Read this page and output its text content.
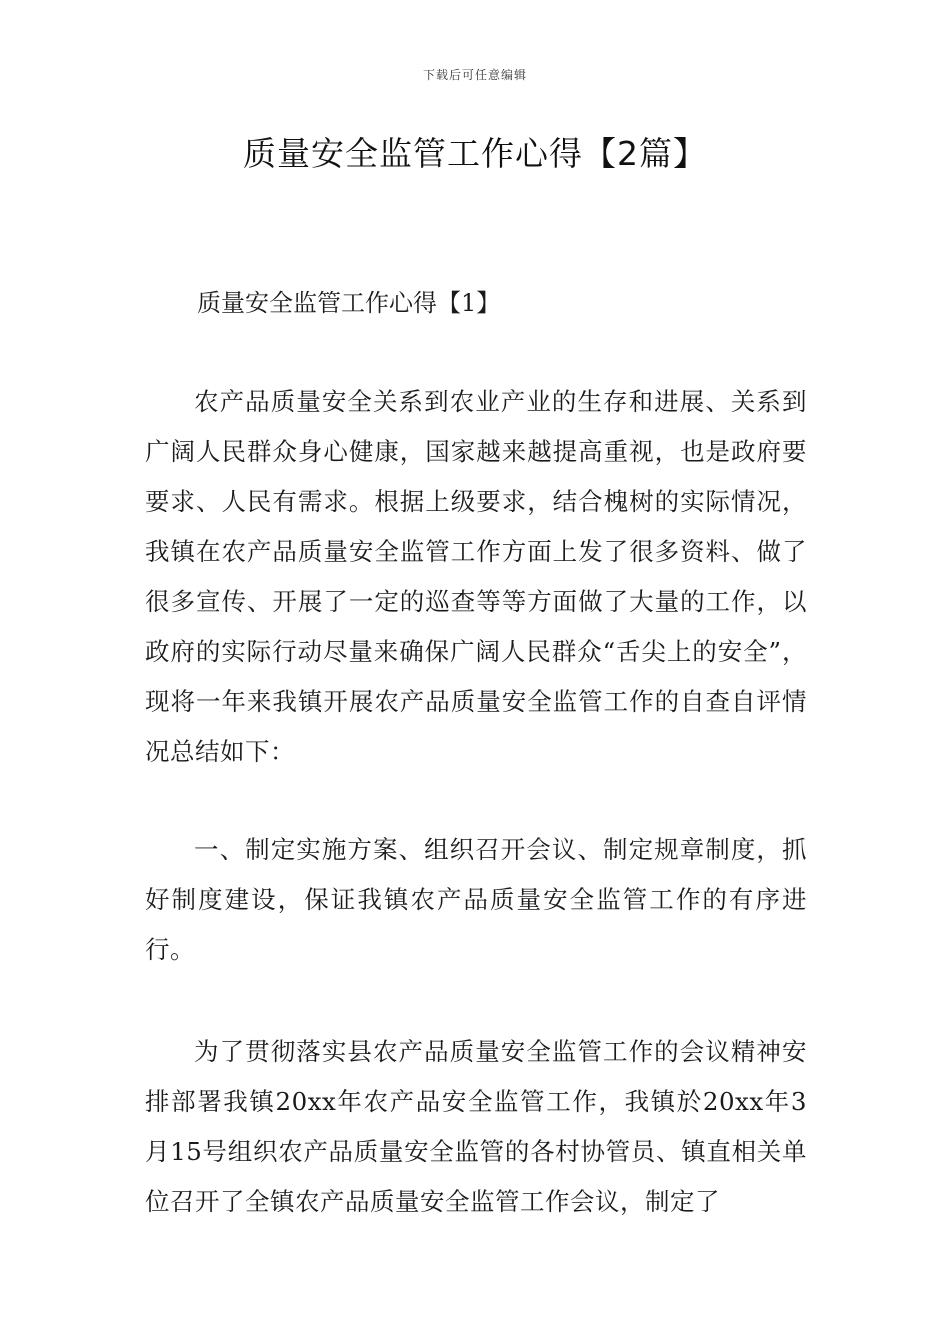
下载后可任意编辑
质量安全监管工作心得【2篇】
质量安全监管工作心得【1】

农产品质量安全关系到农业产业的生存和进展、关系到广阔人民群众身心健康，国家越来越提高重视，也是政府要要求、人民有需求。根据上级要求，结合槐树的实际情况，我镇在农产品质量安全监管工作方面上发了很多资料、做了很多宣传、开展了一定的巡查等等方面做了大量的工作，以政府的实际行动尽量来确保广阔人民群众“舌尖上的安全”，现将一年来我镇开展农产品质量安全监管工作的自查自评情况总结如下：

一、制定实施方案、组织召开会议、制定规章制度，抓好制度建设，保证我镇农产品质量安全监管工作的有序进行。

为了贯彻落实县农产品质量安全监管工作的会议精神安排部署我镇20xx年农产品安全监管工作，我镇於20xx年3月15号组织农产品质量安全监管的各村协管员、镇直相关单位召开了全镇农产品质量安全监管工作会议，制定了
